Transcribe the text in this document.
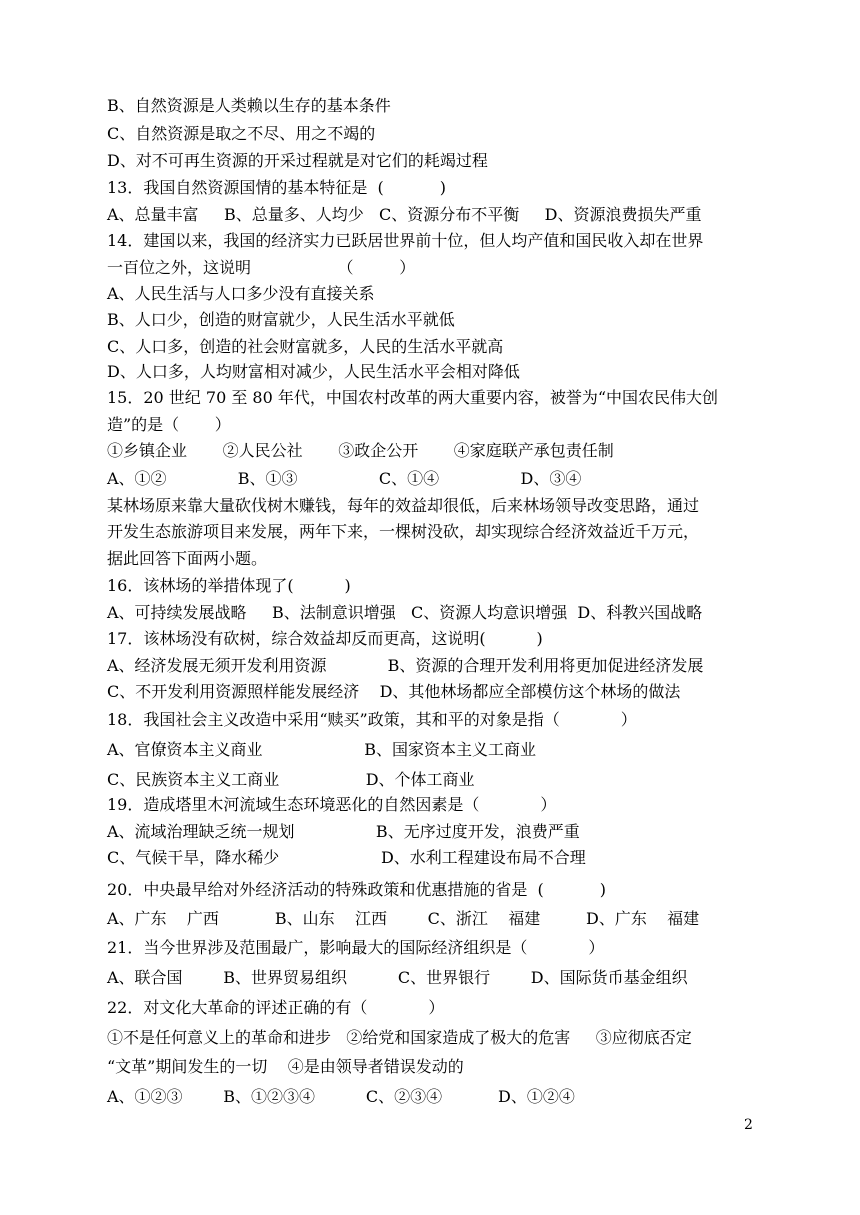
B、自然资源是人类赖以生存的基本条件

C、自然资源是取之不尽、用之不竭的

D、对不可再生资源的开采过程就是对它们的耗竭过程

13．我国自然资源国情的基本特征是  (           )

A、总量丰富     B、总量多、人均少   C、资源分布不平衡     D、资源浪费损失严重

14．建国以来，我国的经济实力已跃居世界前十位，但人均产值和国民收入却在世界

一百位之外，这说明                 （         ）

A、人民生活与人口多少没有直接关系

B、人口少，创造的财富就少，人民生活水平就低

C、人口多，创造的社会财富就多，人民的生活水平就高

D、人口多，人均财富相对减少，人民生活水平会相对降低

15．20 世纪 70 至 80 年代，中国农村改革的两大重要内容，被誉为“中国农民伟大创

造”的是（       ）

①乡镇企业       ②人民公社       ③政企公开       ④家庭联产承包责任制

A、①②              B、①③                C、①④                D、③④

某林场原来靠大量砍伐树木赚钱，每年的效益却很低，后来林场领导改变思路，通过

开发生态旅游项目来发展，两年下来，一棵树没砍，却实现综合经济效益近千万元，

据此回答下面两小题。

16．该林场的举措体现了(          )

A、可持续发展战略     B、法制意识增强   C、资源人均意识增强  D、科教兴国战略

17．该林场没有砍树，综合效益却反而更高，这说明(          )

A、经济发展无须开发利用资源            B、资源的合理开发利用将更加促进经济发展

C、不开发利用资源照样能发展经济    D、其他林场都应全部模仿这个林场的做法

18．我国社会主义改造中采用“赎买”政策，其和平的对象是指（            ）

A、官僚资本主义商业                    B、国家资本主义工商业

C、民族资本主义工商业                 D、个体工商业

19．造成塔里木河流域生态环境恶化的自然因素是（            ）

A、流域治理缺乏统一规划                B、无序过度开发，浪费严重

C、气候干旱，降水稀少                    D、水利工程建设布局不合理

20．中央最早给对外经济活动的特殊政策和优惠措施的省是  (           )

A、广东    广西           B、山东    江西        C、浙江    福建         D、广东    福建

21．当今世界涉及范围最广，影响最大的国际经济组织是（            ）

A、联合国        B、世界贸易组织          C、世界银行        D、国际货币基金组织

22．对文化大革命的评述正确的有（            ）

①不是任何意义上的革命和进步   ②给党和国家造成了极大的危害     ③应彻底否定

“文革”期间发生的一切    ④是由领导者错误发动的

A、①②③        B、①②③④          C、②③④           D、①②④

2
